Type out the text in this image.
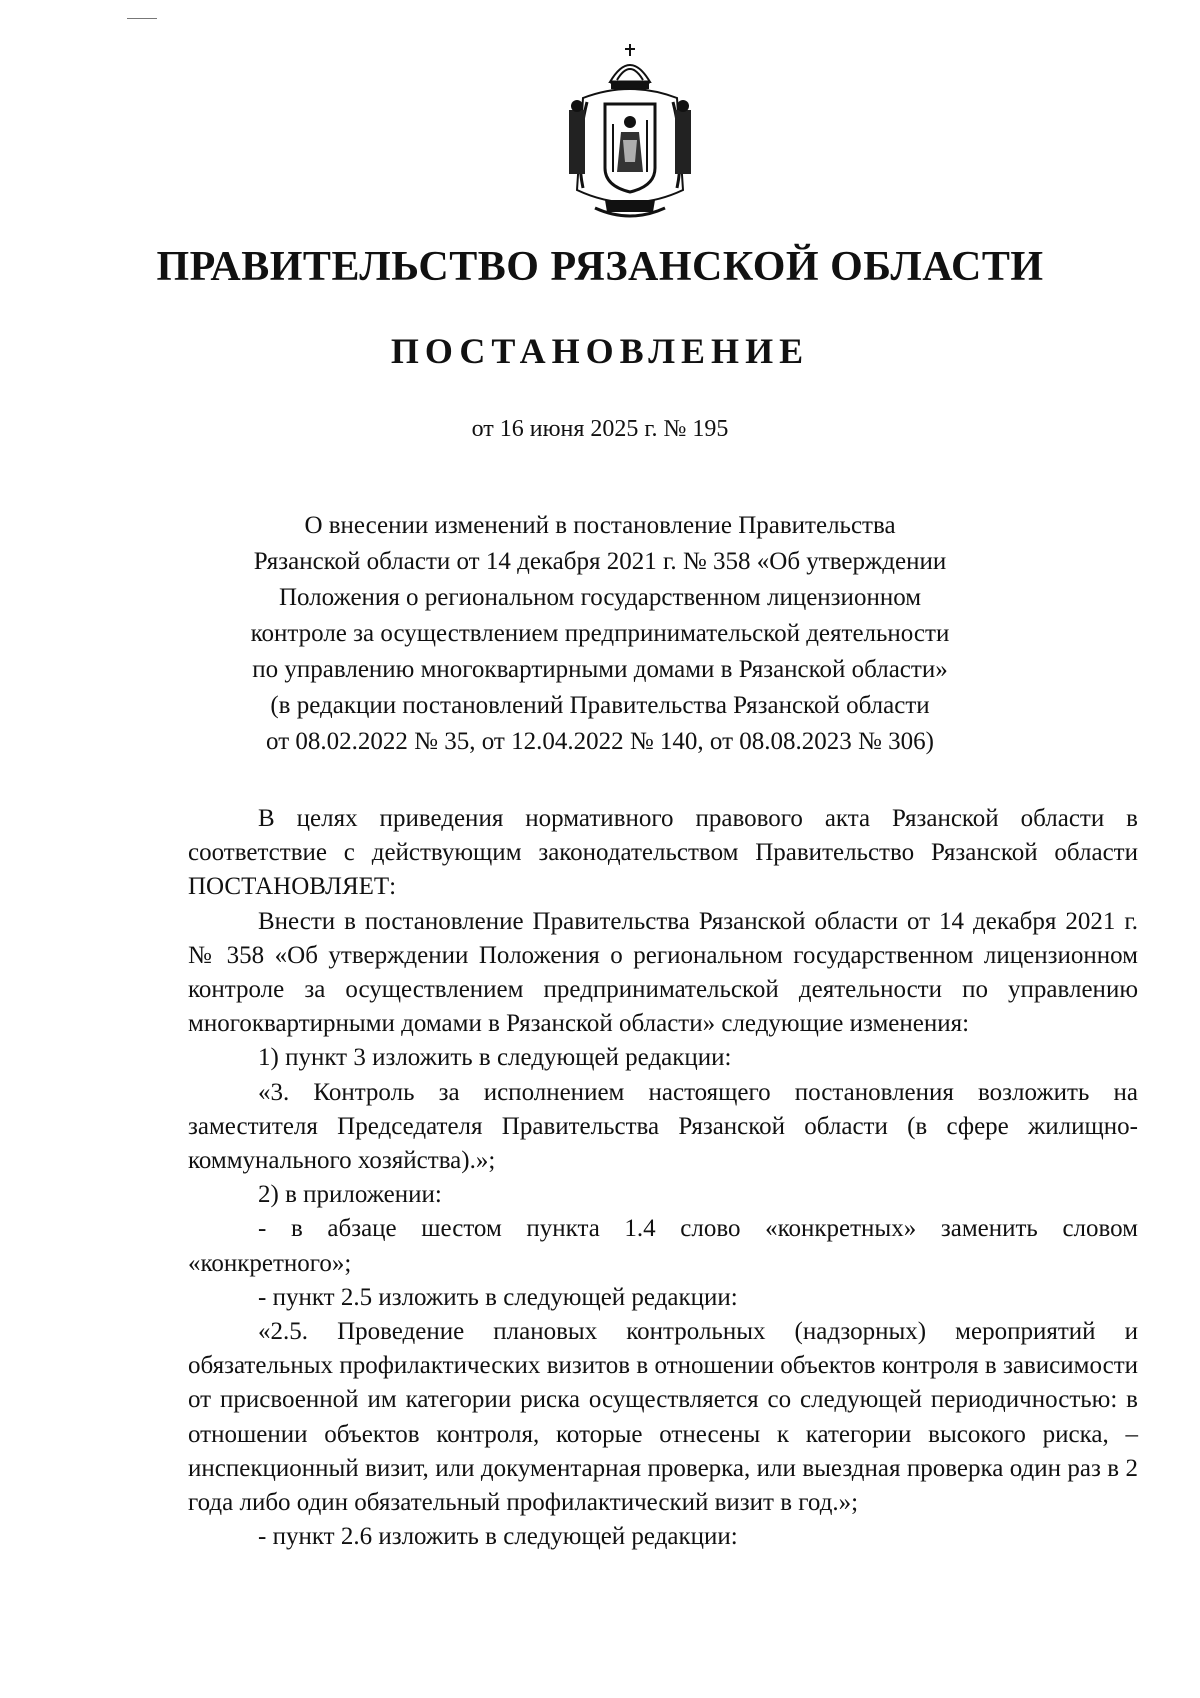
ПРАВИТЕЛЬСТВО РЯЗАНСКОЙ ОБЛАСТИ
ПОСТАНОВЛЕНИЕ

от 16 июня 2025 г. № 195

О внесении изменений в постановление Правительства
Рязанской области от 14 декабря 2021 г. № 358 «Об утверждении
Положения о региональном государственном лицензионном
контроле за осуществлением предпринимательской деятельности
по управлению многоквартирными домами в Рязанской области»
(в редакции постановлений Правительства Рязанской области
от 08.02.2022 № 35, от 12.04.2022 № 140, от 08.08.2023 № 306)

В целях приведения нормативного правового акта Рязанской области в соответствие с действующим законодательством Правительство Рязанской области ПОСТАНОВЛЯЕТ:

Внести в постановление Правительства Рязанской области от 14 декабря 2021 г. № 358 «Об утверждении Положения о региональном государственном лицензионном контроле за осуществлением предпринимательской деятельности по управлению многоквартирными домами в Рязанской области» следующие изменения:

1) пункт 3 изложить в следующей редакции:

«3. Контроль за исполнением настоящего постановления возложить на заместителя Председателя Правительства Рязанской области (в сфере жилищно-коммунального хозяйства).»;

2) в приложении:

- в абзаце шестом пункта 1.4 слово «конкретных» заменить словом «конкретного»;

- пункт 2.5 изложить в следующей редакции:

«2.5. Проведение плановых контрольных (надзорных) мероприятий и обязательных профилактических визитов в отношении объектов контроля в зависимости от присвоенной им категории риска осуществляется со следующей периодичностью: в отношении объектов контроля, которые отнесены к категории высокого риска, – инспекционный визит, или документарная проверка, или выездная проверка один раз в 2 года либо один обязательный профилактический визит в год.»;

- пункт 2.6 изложить в следующей редакции:
